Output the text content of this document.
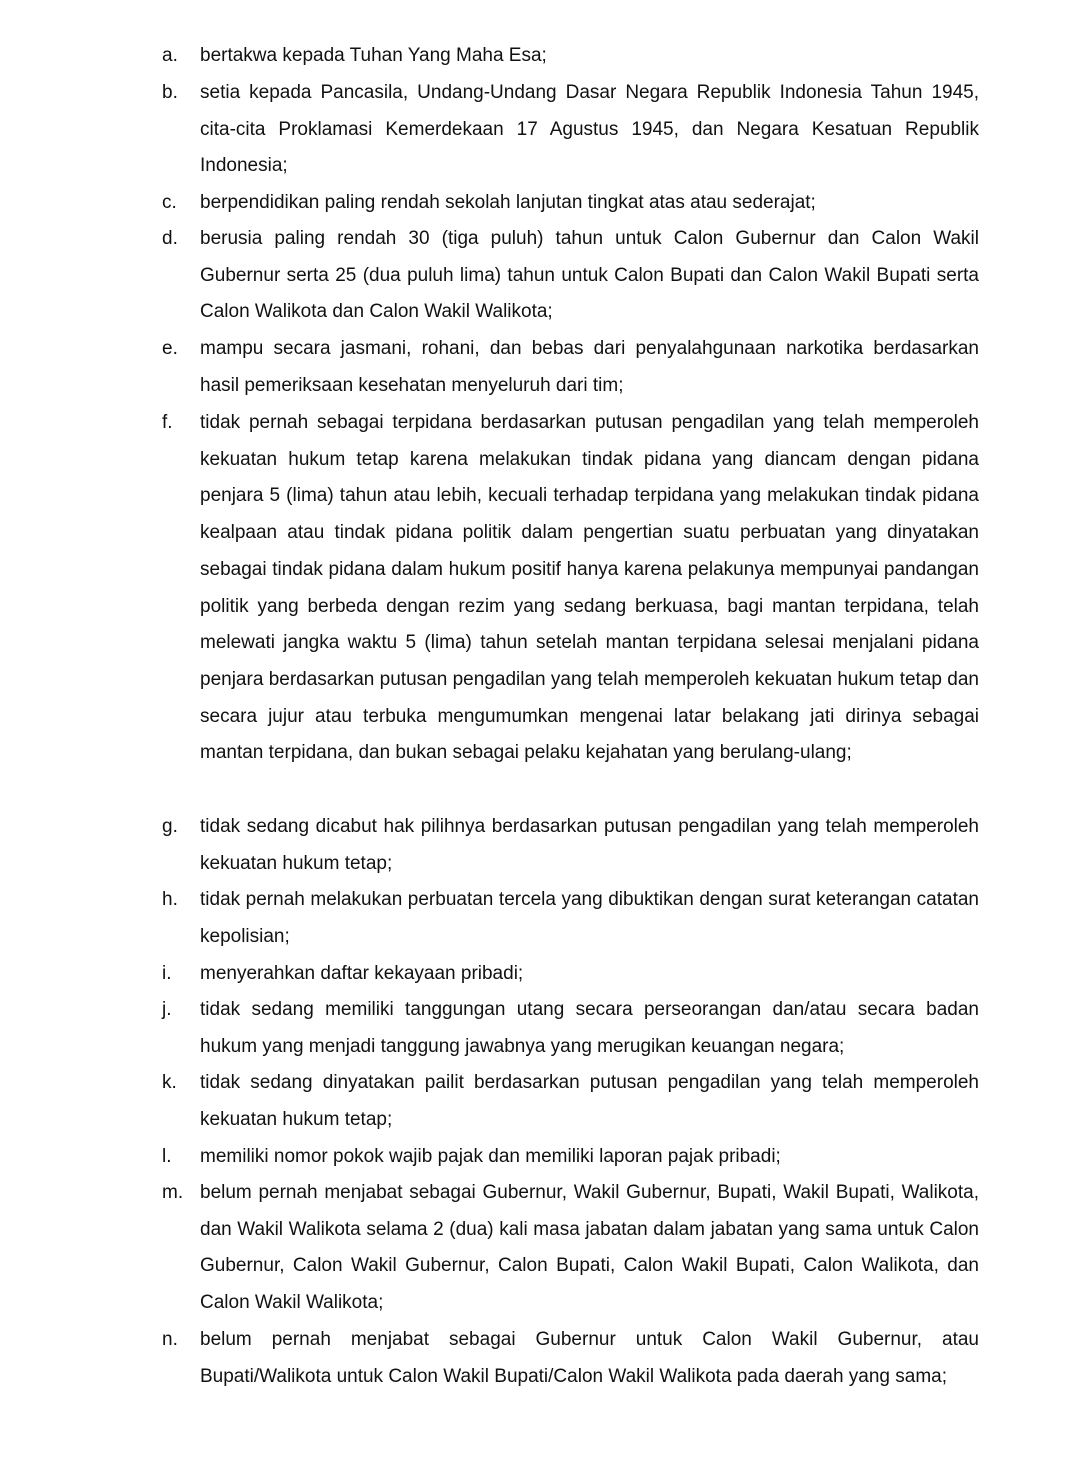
a. bertakwa kepada Tuhan Yang Maha Esa;
b. setia kepada Pancasila, Undang-Undang Dasar Negara Republik Indonesia Tahun 1945, cita-cita Proklamasi Kemerdekaan 17 Agustus 1945, dan Negara Kesatuan Republik Indonesia;
c. berpendidikan paling rendah sekolah lanjutan tingkat atas atau sederajat;
d. berusia paling rendah 30 (tiga puluh) tahun untuk Calon Gubernur dan Calon Wakil Gubernur serta 25 (dua puluh lima) tahun untuk Calon Bupati dan Calon Wakil Bupati serta Calon Walikota dan Calon Wakil Walikota;
e. mampu secara jasmani, rohani, dan bebas dari penyalahgunaan narkotika berdasarkan hasil pemeriksaan kesehatan menyeluruh dari tim;
f. tidak pernah sebagai terpidana berdasarkan putusan pengadilan yang telah memperoleh kekuatan hukum tetap karena melakukan tindak pidana yang diancam dengan pidana penjara 5 (lima) tahun atau lebih, kecuali terhadap terpidana yang melakukan tindak pidana kealpaan atau tindak pidana politik dalam pengertian suatu perbuatan yang dinyatakan sebagai tindak pidana dalam hukum positif hanya karena pelakunya mempunyai pandangan politik yang berbeda dengan rezim yang sedang berkuasa, bagi mantan terpidana, telah melewati jangka waktu 5 (lima) tahun setelah mantan terpidana selesai menjalani pidana penjara berdasarkan putusan pengadilan yang telah memperoleh kekuatan hukum tetap dan secara jujur atau terbuka mengumumkan mengenai latar belakang jati dirinya sebagai mantan terpidana, dan bukan sebagai pelaku kejahatan yang berulang-ulang;
g. tidak sedang dicabut hak pilihnya berdasarkan putusan pengadilan yang telah memperoleh kekuatan hukum tetap;
h. tidak pernah melakukan perbuatan tercela yang dibuktikan dengan surat keterangan catatan kepolisian;
i. menyerahkan daftar kekayaan pribadi;
j. tidak sedang memiliki tanggungan utang secara perseorangan dan/atau secara badan hukum yang menjadi tanggung jawabnya yang merugikan keuangan negara;
k. tidak sedang dinyatakan pailit berdasarkan putusan pengadilan yang telah memperoleh kekuatan hukum tetap;
l. memiliki nomor pokok wajib pajak dan memiliki laporan pajak pribadi;
m. belum pernah menjabat sebagai Gubernur, Wakil Gubernur, Bupati, Wakil Bupati, Walikota, dan Wakil Walikota selama 2 (dua) kali masa jabatan dalam jabatan yang sama untuk Calon Gubernur, Calon Wakil Gubernur, Calon Bupati, Calon Wakil Bupati, Calon Walikota, dan Calon Wakil Walikota;
n. belum pernah menjabat sebagai Gubernur untuk Calon Wakil Gubernur, atau Bupati/Walikota untuk Calon Wakil Bupati/Calon Wakil Walikota pada daerah yang sama;
